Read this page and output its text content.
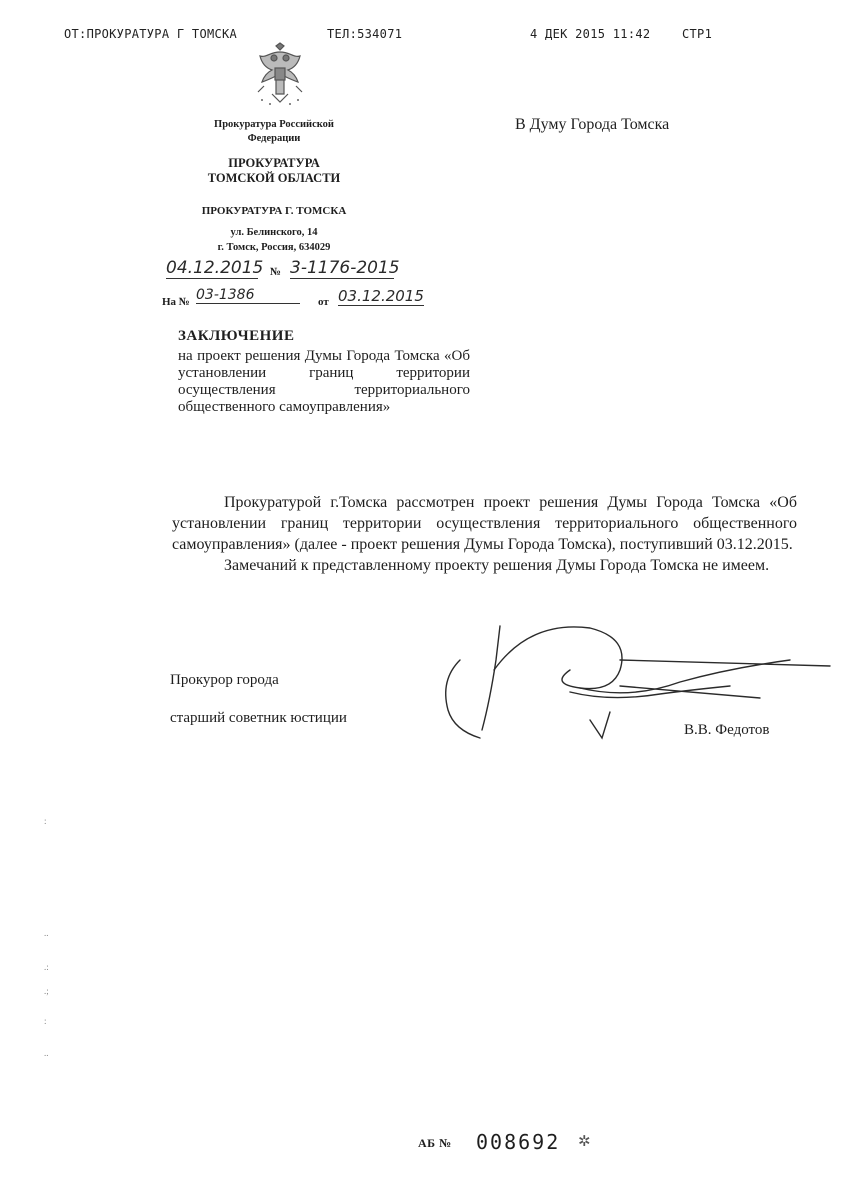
ОТ:ПРОКУРАТУРА Г ТОМСКА	ТЕЛ:534071	4 ДЕК 2015 11:42	СТР1
Прокуратура Российской
Федерации
ПРОКУРАТУРА
ТОМСКОЙ ОБЛАСТИ
ПРОКУРАТУРА Г. ТОМСКА
ул. Белинского, 14
г. Томск, Россия, 634029
04.12.2015 № 3-1176-2015
На № 03-1386	от 03.12.2015
В Думу Города Томска
ЗАКЛЮЧЕНИЕ
на проект решения Думы Города Томска «Об установлении границ территории осуществления территориального общественного самоуправления»

Прокуратурой г.Томска рассмотрен проект решения Думы Города Томска «Об установлении границ территории осуществления территориального общественного самоуправления» (далее - проект решения Думы Города Томска), поступивший 03.12.2015.

Замечаний к представленному проекту решения Думы Города Томска не имеем.

Прокурор города
старший советник юстиции
В.В. Федотов
:
..
.:
.;
:
..
АБ № 008692 ✲
